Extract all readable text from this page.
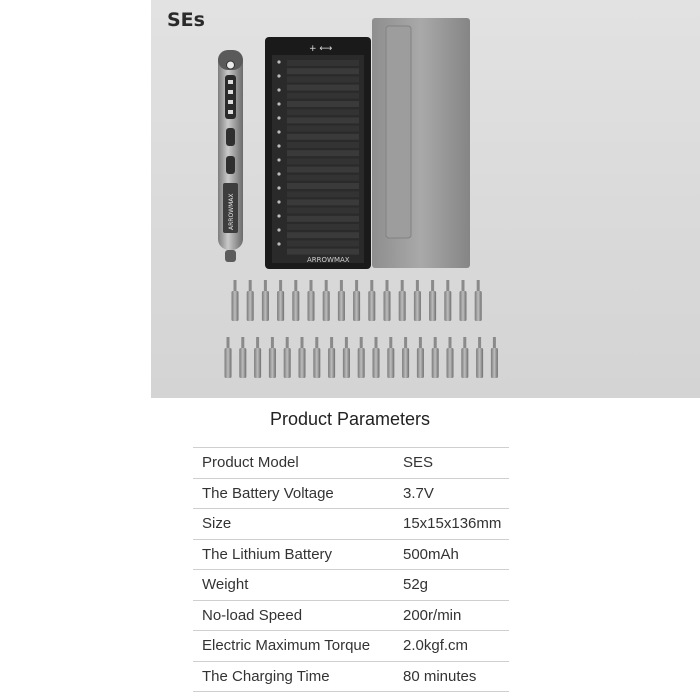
SEs
ARROWMAX
+ ⟷
ARROWMAX
Product Parameters
Product Model	SES
The Battery Voltage	3.7V
Size	15x15x136mm
The Lithium Battery	500mAh
Weight	52g
No-load Speed	200r/min
Electric Maximum Torque	2.0kgf.cm
The Charging Time	80 minutes
